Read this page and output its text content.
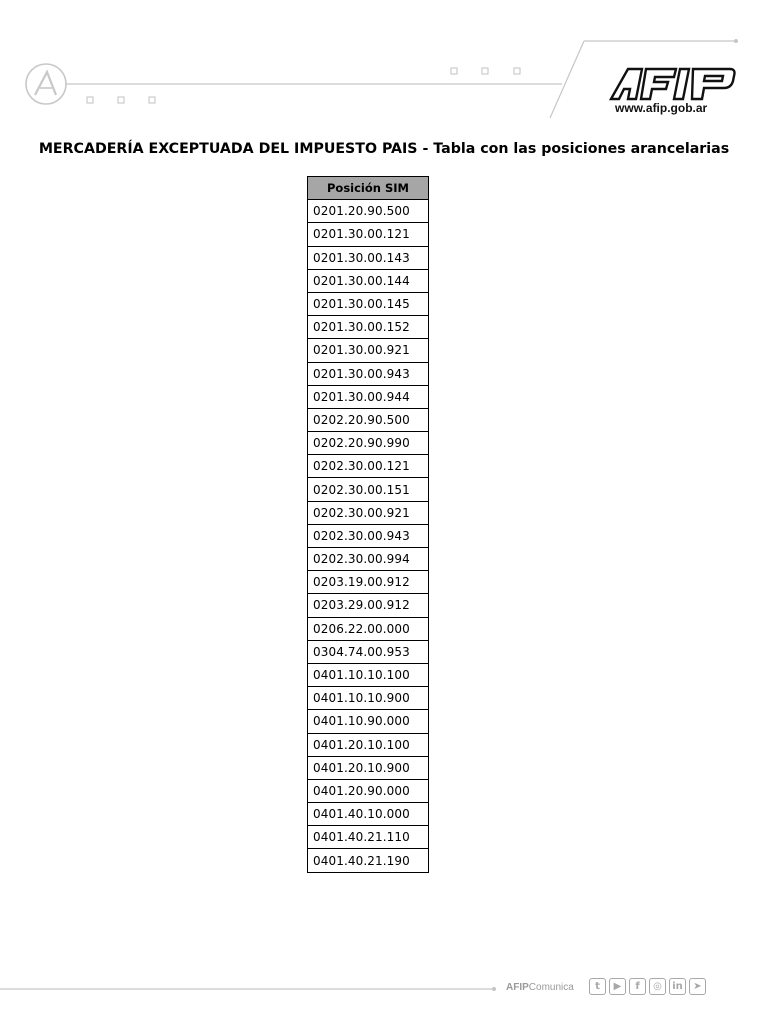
www.afip.gob.ar
MERCADERÍA EXCEPTUADA DEL IMPUESTO PAIS - Tabla con las posiciones arancelarias
Posición SIM
0201.20.90.500
0201.30.00.121
0201.30.00.143
0201.30.00.144
0201.30.00.145
0201.30.00.152
0201.30.00.921
0201.30.00.943
0201.30.00.944
0202.20.90.500
0202.20.90.990
0202.30.00.121
0202.30.00.151
0202.30.00.921
0202.30.00.943
0202.30.00.994
0203.19.00.912
0203.29.00.912
0206.22.00.000
0304.74.00.953
0401.10.10.100
0401.10.10.900
0401.10.90.000
0401.20.10.100
0401.20.10.900
0401.20.90.000
0401.40.10.000
0401.40.21.110
0401.40.21.190
AFIPComunica	t	▶	f	◎	in	➤
